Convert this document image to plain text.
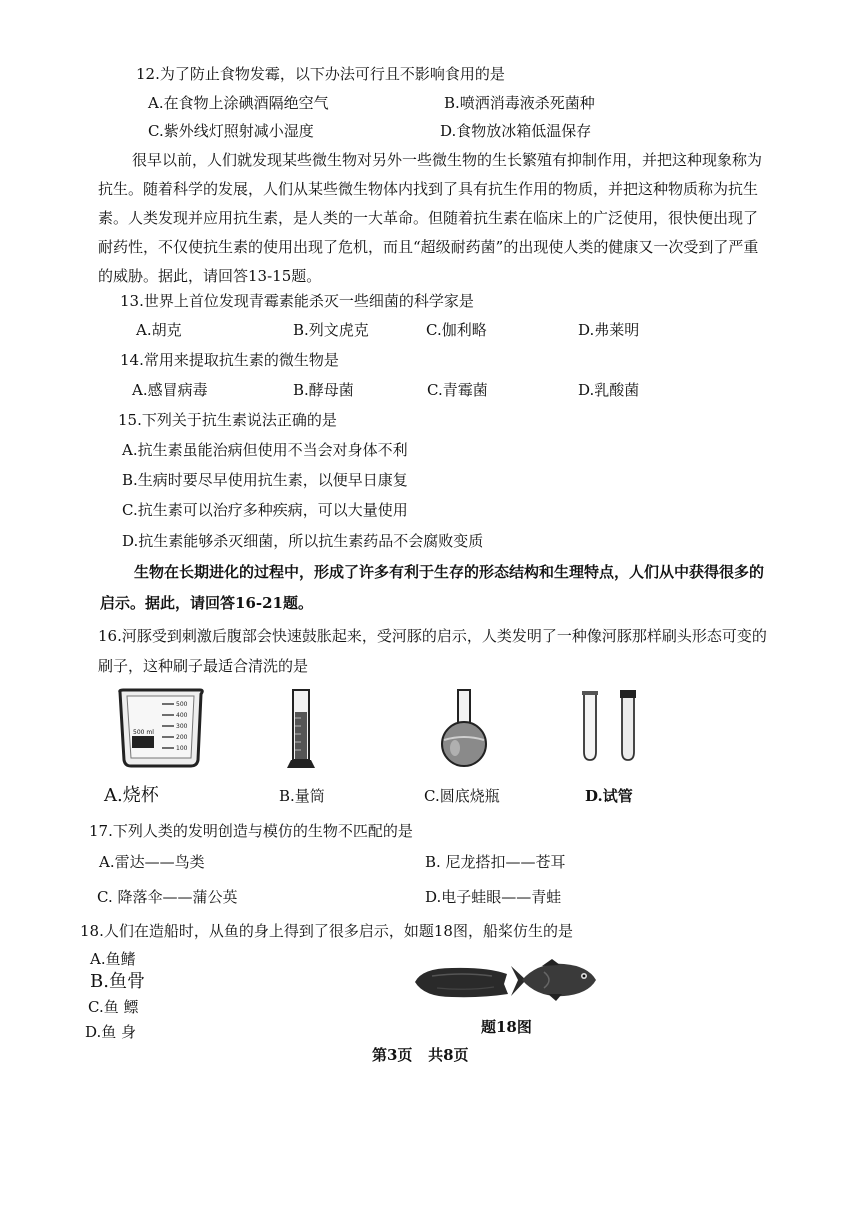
12.为了防止食物发霉，以下办法可行且不影响食用的是
A.在食物上涂碘酒隔绝空气	B.喷洒消毒液杀死菌种
C.紫外线灯照射减小湿度	D.食物放冰箱低温保存
很早以前，人们就发现某些微生物对另外一些微生物的生长繁殖有抑制作用，并把这种现象称为抗生。随着科学的发展，人们从某些微生物体内找到了具有抗生作用的物质，并把这种物质称为抗生素。人类发现并应用抗生素，是人类的一大革命。但随着抗生素在临床上的广泛使用，很快便出现了耐药性，不仅使抗生素的使用出现了危机，而且“超级耐药菌”的出现使人类的健康又一次受到了严重的威胁。据此，请回答13-15题。
13.世界上首位发现青霉素能杀灭一些细菌的科学家是
A.胡克	B.列文虎克	C.伽利略	D.弗莱明
14.常用来提取抗生素的微生物是
A.感冒病毒	B.酵母菌	C.青霉菌	D.乳酸菌
15.下列关于抗生素说法正确的是
A.抗生素虽能治病但使用不当会对身体不利
B.生病时要尽早使用抗生素，以便早日康复
C.抗生素可以治疗多种疾病，可以大量使用
D.抗生素能够杀灭细菌，所以抗生素药品不会腐败变质
生物在长期进化的过程中，形成了许多有利于生存的形态结构和生理特点，人们从中获得很多的启示。据此，请回答16-21题。
16.河豚受到刺激后腹部会快速鼓胀起来，受河豚的启示，人类发明了一种像河豚那样刷头形态可变的刷子，这种刷子最适合清洗的是
500
400
300
200
100
500 ml
A.烧杯	B.量筒	C.圆底烧瓶	D.试管
17.下列人类的发明创造与模仿的生物不匹配的是
A.雷达——鸟类	B. 尼龙搭扣——苍耳
C. 降落伞——蒲公英	D.电子蛙眼——青蛙
18.人们在造船时，从鱼的身上得到了很多启示，如题18图，船桨仿生的是
A.鱼鳍
B.鱼骨
C.鱼 鳔
D.鱼 身	题18图
第3页   共8页
